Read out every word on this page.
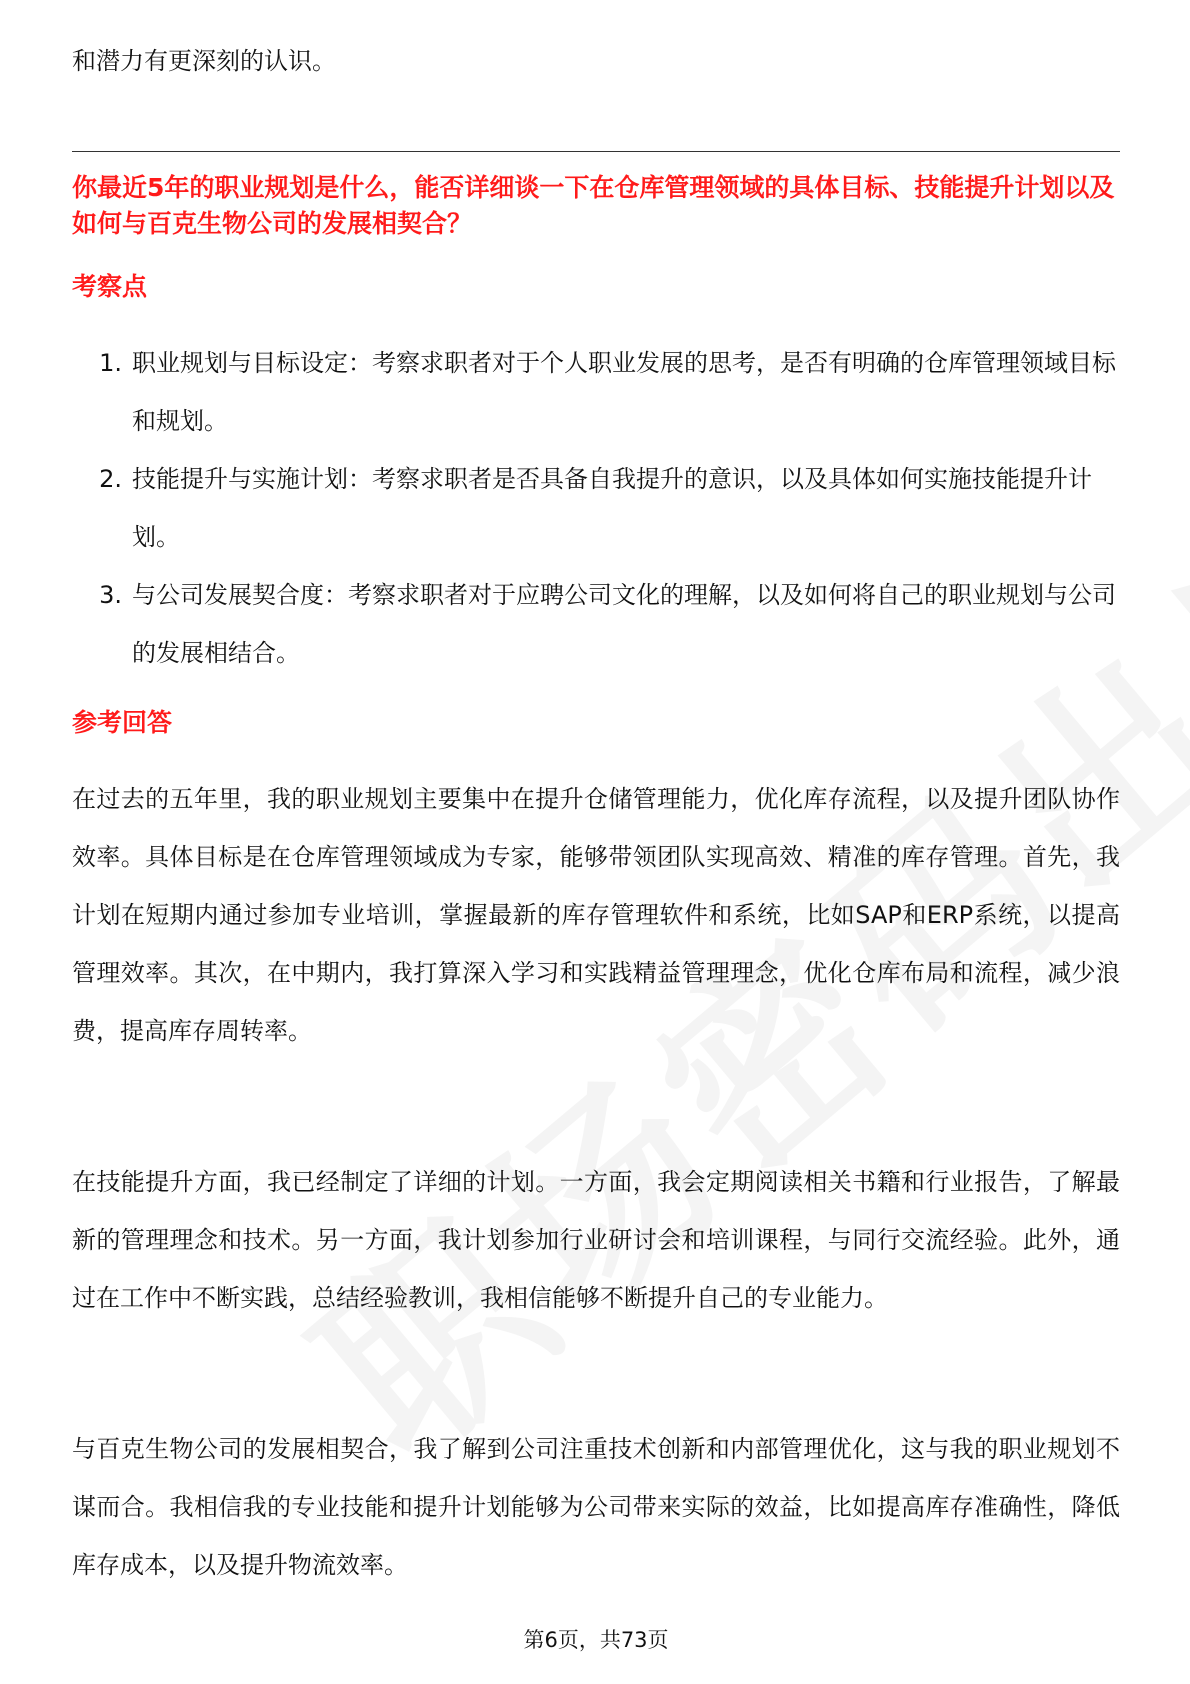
和潜力有更深刻的认识。

你最近5年的职业规划是什么，能否详细谈一下在仓库管理领域的具体目标、技能提升计划以及如何与百克生物公司的发展相契合？

考察点
1. 职业规划与目标设定：考察求职者对于个人职业发展的思考，是否有明确的仓库管理领域目标和规划。
2. 技能提升与实施计划：考察求职者是否具备自我提升的意识，以及具体如何实施技能提升计划。
3. 与公司发展契合度：考察求职者对于应聘公司文化的理解，以及如何将自己的职业规划与公司的发展相结合。
参考回答

在过去的五年里，我的职业规划主要集中在提升仓储管理能力，优化库存流程，以及提升团队协作效率。具体目标是在仓库管理领域成为专家，能够带领团队实现高效、精准的库存管理。首先，我计划在短期内通过参加专业培训，掌握最新的库存管理软件和系统，比如SAP和ERP系统，以提高管理效率。其次，在中期内，我打算深入学习和实践精益管理理念，优化仓库布局和流程，减少浪费，提高库存周转率。

在技能提升方面，我已经制定了详细的计划。一方面，我会定期阅读相关书籍和行业报告，了解最新的管理理念和技术。另一方面，我计划参加行业研讨会和培训课程，与同行交流经验。此外，通过在工作中不断实践，总结经验教训，我相信能够不断提升自己的专业能力。

与百克生物公司的发展相契合，我了解到公司注重技术创新和内部管理优化，这与我的职业规划不谋而合。我相信我的专业技能和提升计划能够为公司带来实际的效益，比如提高库存准确性，降低库存成本，以及提升物流效率。

第6页，共73页
